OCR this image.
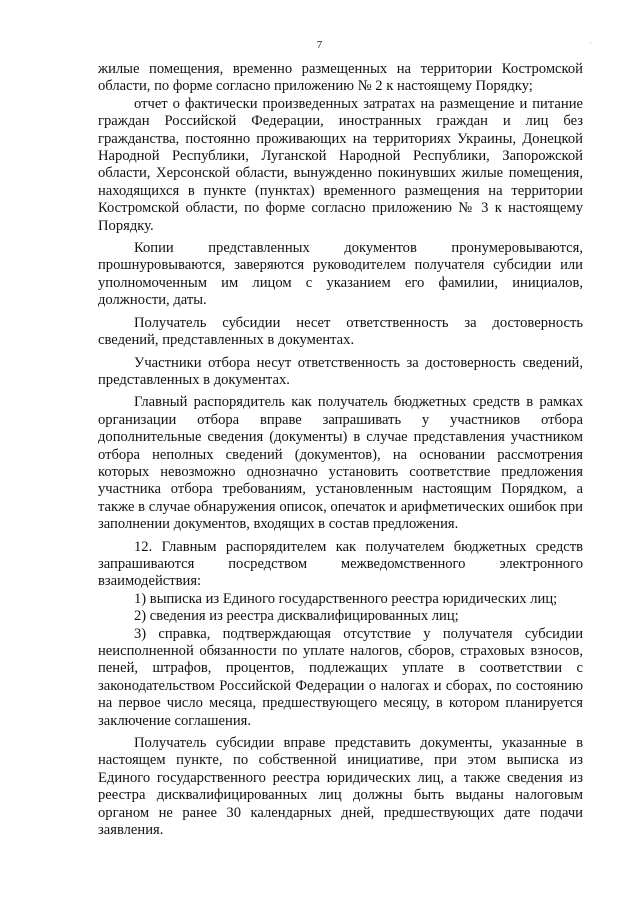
7	'

жилые помещения, временно размещенных на территории Костромской области, по форме согласно приложению № 2 к настоящему Порядку;

отчет о фактически произведенных затратах на размещение и питание граждан Российской Федерации, иностранных граждан и лиц без гражданства, постоянно проживающих на территориях Украины, Донецкой Народной Республики, Луганской Народной Республики, Запорожской области, Херсонской области, вынужденно покинувших жилые помещения, находящихся в пункте (пунктах) временного размещения на территории Костромской области, по форме согласно приложению № 3 к настоящему Порядку.

Копии представленных документов пронумеровываются, прошнуровываются, заверяются руководителем получателя субсидии или уполномоченным им лицом с указанием его фамилии, инициалов, должности, даты.

Получатель субсидии несет ответственность за достоверность сведений, представленных в документах.

Участники отбора несут ответственность за достоверность сведений, представленных в документах.

Главный распорядитель как получатель бюджетных средств в рамках организации отбора вправе запрашивать у участников отбора дополнительные сведения (документы) в случае представления участником отбора неполных сведений (документов), на основании рассмотрения которых невозможно однозначно установить соответствие предложения участника отбора требованиям, установленным настоящим Порядком, а также в случае обнаружения описок, опечаток и арифметических ошибок при заполнении документов, входящих в состав предложения.

12. Главным распорядителем как получателем бюджетных средств запрашиваются посредством межведомственного электронного взаимодействия:

1) выписка из Единого государственного реестра юридических лиц;

2) сведения из реестра дисквалифицированных лиц;

3) справка, подтверждающая отсутствие у получателя субсидии неисполненной обязанности по уплате налогов, сборов, страховых взносов, пеней, штрафов, процентов, подлежащих уплате в соответствии с законодательством Российской Федерации о налогах и сборах, по состоянию на первое число месяца, предшествующего месяцу, в котором планируется заключение соглашения.

Получатель субсидии вправе представить документы, указанные в настоящем пункте, по собственной инициативе, при этом выписка из Единого государственного реестра юридических лиц, а также сведения из реестра дисквалифицированных лиц должны быть выданы налоговым органом не ранее 30 календарных дней, предшествующих дате подачи заявления.
